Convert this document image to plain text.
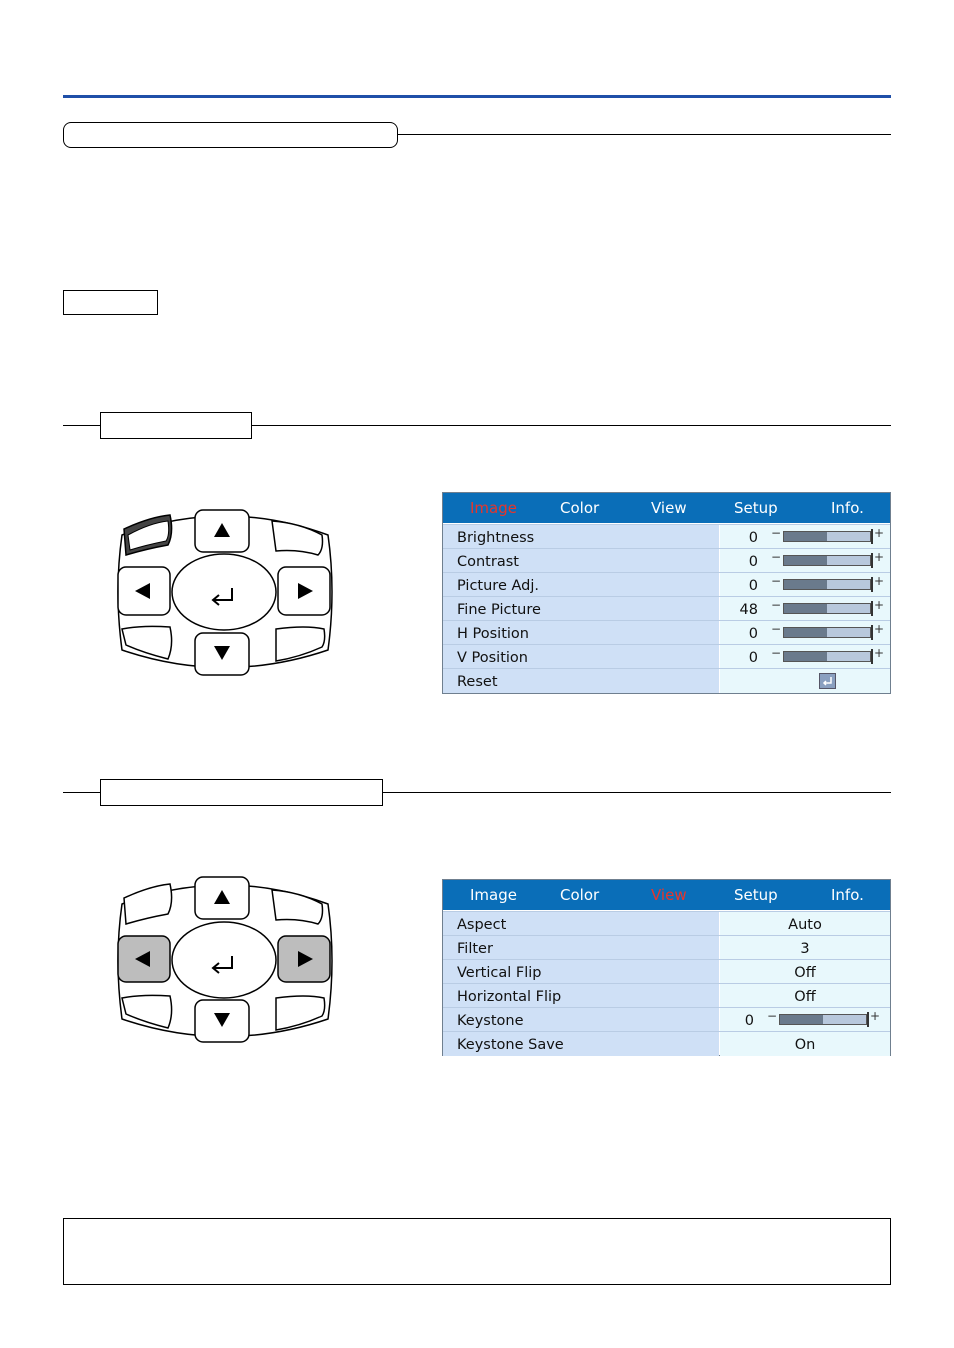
Image	Color	View	Setup	Info.
Brightness	0 −	+
Contrast	0 −	+
Picture Adj.	0 −	+
Fine Picture	48 −	+
H Position	0 −	+
V Position	0 −	+
Reset
Image	Color	View	Setup	Info.
Aspect	Auto
Filter	3
Vertical Flip	Off
Horizontal Flip	Off
Keystone	0 −	+
Keystone Save	On
